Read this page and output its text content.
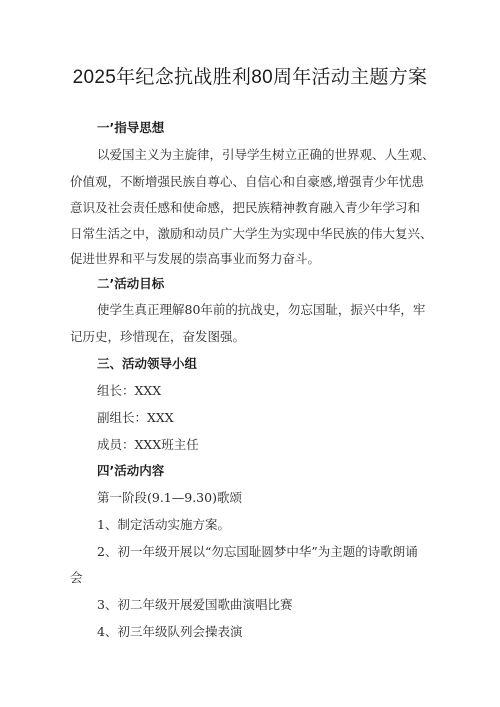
2025年纪念抗战胜利80周年活动主题方案
一’指导思想
以爱国主义为主旋律，引导学生树立正确的世界观、人生观、
价值观，不断增强民族自尊心、自信心和自豪感,增强青少年忧患
意识及社会责任感和使命感，把民族精神教育融入青少年学习和
日常生活之中，激励和动员广大学生为实现中华民族的伟大复兴、
促进世界和平与发展的崇高事业而努力奋斗。
二’活动目标
使学生真正理解80年前的抗战史，勿忘国耻，振兴中华，牢
记历史，珍惜现在，奋发图强。
三、活动领导小组
组长：XXX
副组长：XXX
成员：XXX班主任
四’活动内容
第一阶段(9.1—9.30)歌颂
1、制定活动实施方案。
2、初一年级开展以“勿忘国耻圆梦中华”为主题的诗歌朗诵
会
3、初二年级开展爱国歌曲演唱比赛
4、初三年级队列会操表演
